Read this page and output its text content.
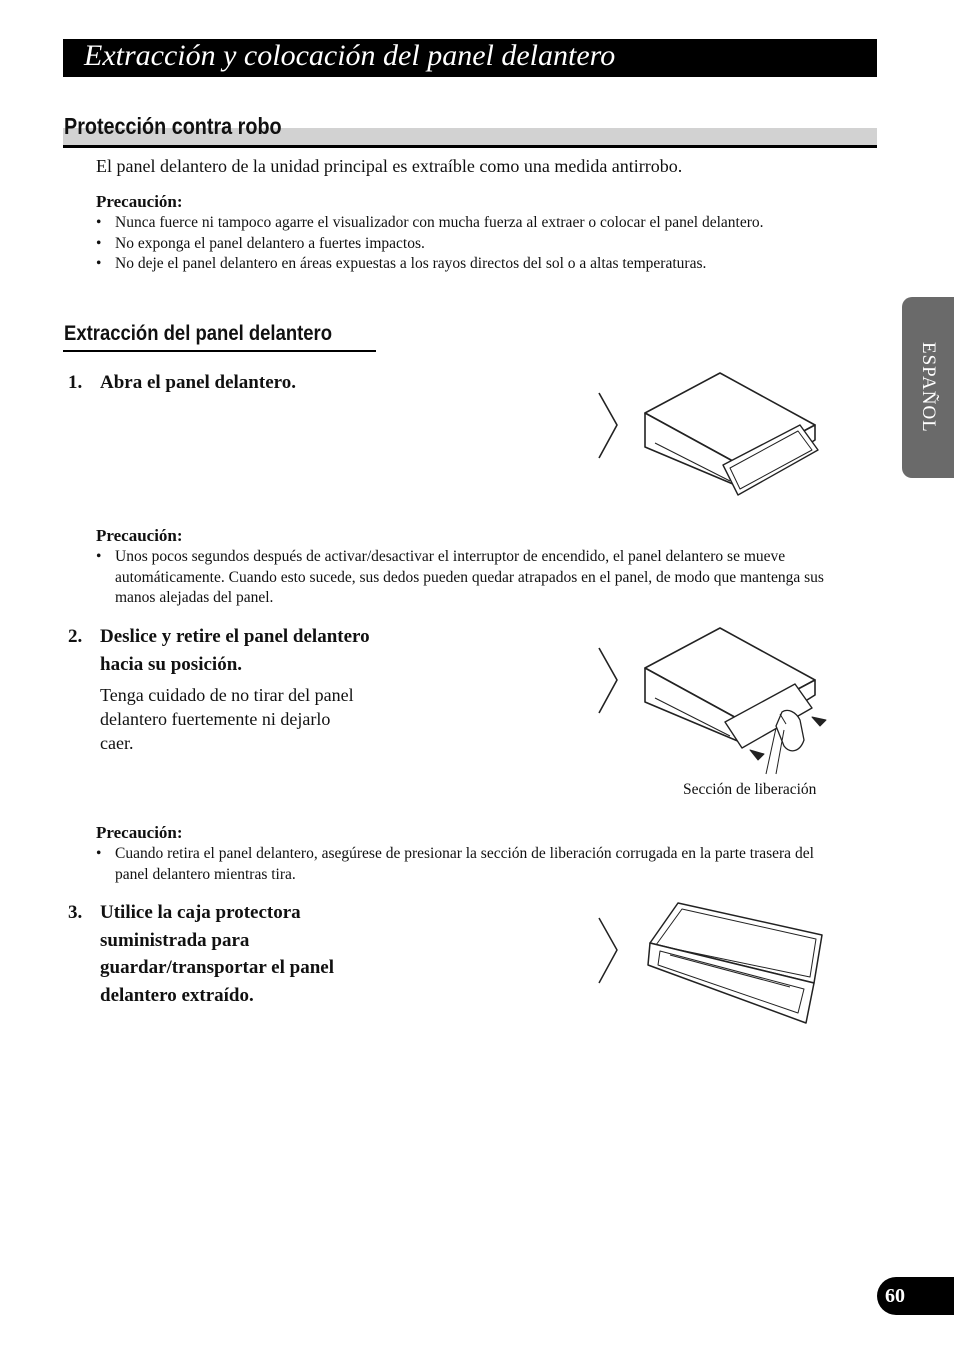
Extracción y colocación del panel delantero
Protección contra robo
El panel delantero de la unidad principal es extraíble como una medida antirrobo.
Precaución:
• Nunca fuerce ni tampoco agarre el visualizador con mucha fuerza al extraer o colocar el panel delantero.
• No exponga el panel delantero a fuertes impactos.
• No deje el panel delantero en áreas expuestas a los rayos directos del sol o a altas temperaturas.
Extracción del panel delantero
1. Abra el panel delantero.
Precaución:
• Unos pocos segundos después de activar/desactivar el interruptor de encendido, el panel delantero se mueve automáticamente. Cuando esto sucede, sus dedos pueden quedar atrapados en el panel, de modo que mantenga sus manos alejadas del panel.
2. Deslice y retire el panel delantero hacia su posición.
Tenga cuidado de no tirar del panel delantero fuertemente ni dejarlo caer.
Sección de liberación
Precaución:
• Cuando retira el panel delantero, asegúrese de presionar la sección de liberación corrugada en la parte trasera del panel delantero mientras tira.
3. Utilice la caja protectora suministrada para guardar/transportar el panel delantero extraído.
ESPAÑOL
60
